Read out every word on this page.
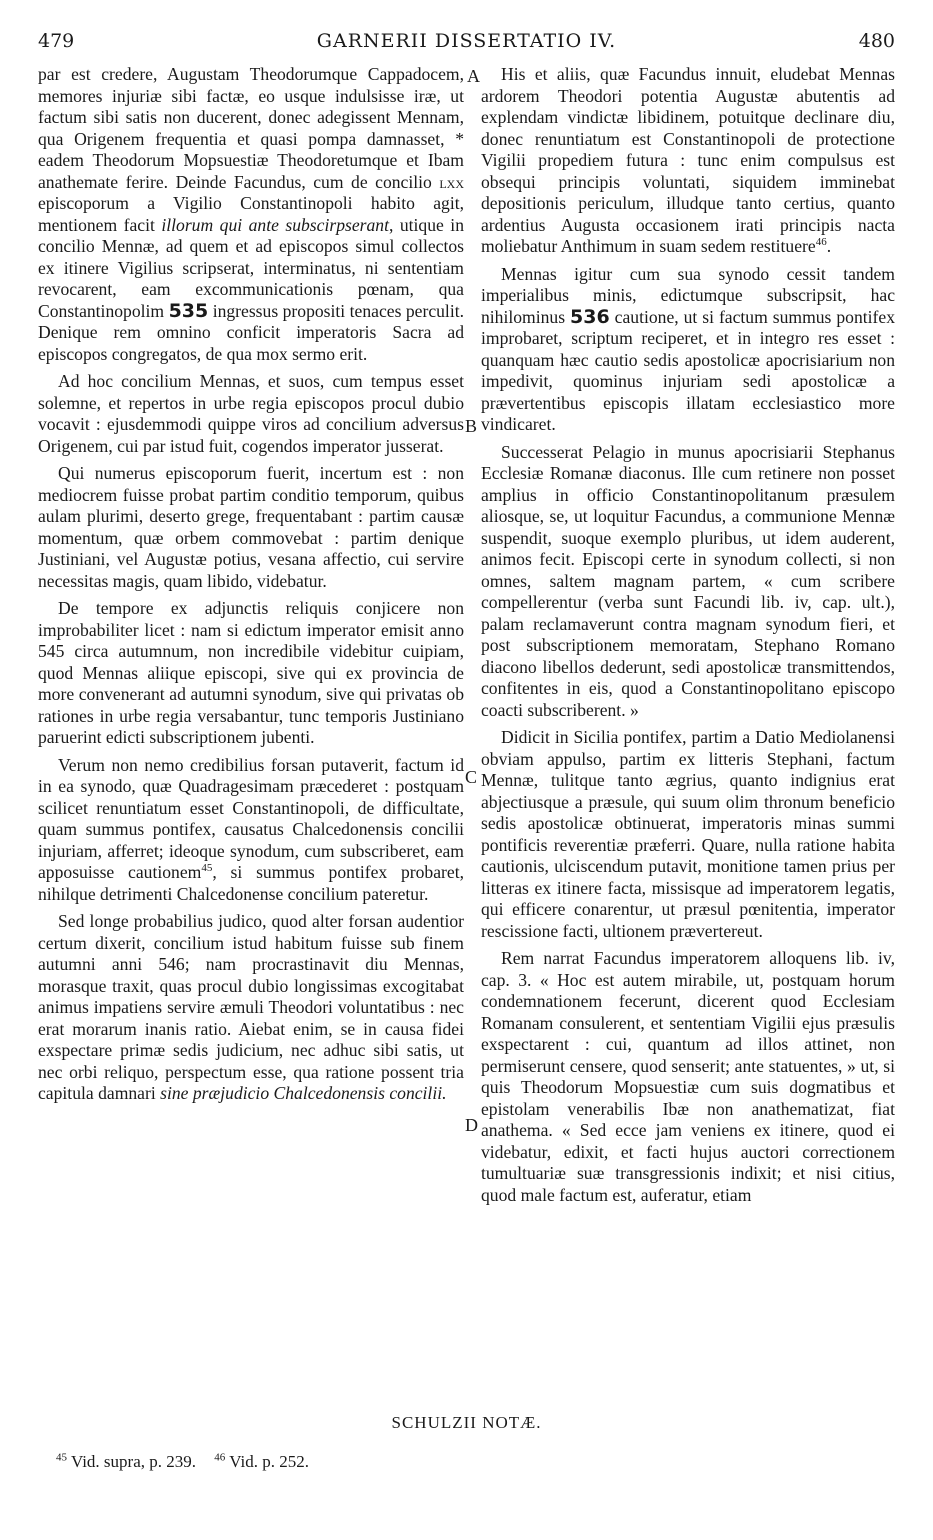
479	GARNERII DISSERTATIO IV.	480
A
B
C
D

par est credere, Augustam Theodorumque Cappadocem, memores injuriæ sibi factæ, eo usque indulsisse iræ, ut factum sibi satis non ducerent, donec adegissent Mennam, qua Origenem frequentia et quasi pompa damnasset, * eadem Theodorum Mopsuestiæ Theodoretumque et Ibam anathemate ferire. Deinde Facundus, cum de concilio lxx episcoporum a Vigilio Constantinopoli habito agit, mentionem facit illorum qui ante subscirpserant, utique in concilio Mennæ, ad quem et ad episcopos simul collectos ex itinere Vigilius scripserat, interminatus, ni sententiam revocarent, eam excommunicationis pœnam, qua Constantinopolim 535 ingressus propositi tenaces perculit. Denique rem omnino conficit imperatoris Sacra ad episcopos congregatos, de qua mox sermo erit.

Ad hoc concilium Mennas, et suos, cum tempus esset solemne, et repertos in urbe regia episcopos procul dubio vocavit : ejusdemmodi quippe viros ad concilium adversus Origenem, cui par istud fuit, cogendos imperator jusserat.

Qui numerus episcoporum fuerit, incertum est : non mediocrem fuisse probat partim conditio temporum, quibus aulam plurimi, deserto grege, frequentabant : partim causæ momentum, quæ orbem commovebat : partim denique Justiniani, vel Augustæ potius, vesana affectio, cui servire necessitas magis, quam libido, videbatur.

De tempore ex adjunctis reliquis conjicere non improbabiliter licet : nam si edictum imperator emisit anno 545 circa autumnum, non incredibile videbitur cuipiam, quod Mennas aliique episcopi, sive qui ex provincia de more convenerant ad autumni synodum, sive qui privatas ob rationes in urbe regia versabantur, tunc temporis Justiniano paruerint edicti subscriptionem jubenti.

Verum non nemo credibilius forsan putaverit, factum id in ea synodo, quæ Quadragesimam præcederet : postquam scilicet renuntiatum esset Constantinopoli, de difficultate, quam summus pontifex, causatus Chalcedonensis concilii injuriam, afferret; ideoque synodum, cum subscriberet, eam apposuisse cautionem$^{45}$, si summus pontifex probaret, nihilque detrimenti Chalcedonense concilium pateretur.

Sed longe probabilius judico, quod alter forsan audentior certum dixerit, concilium istud habitum fuisse sub finem autumni anni 546; nam procrastinavit diu Mennas, morasque traxit, quas procul dubio longissimas excogitabat animus impatiens servire æmuli Theodori voluntatibus : nec erat morarum inanis ratio. Aiebat enim, se in causa fidei exspectare primæ sedis judicium, nec adhuc sibi satis, ut nec orbi reliquo, perspectum esse, qua ratione possent tria capitula damnari sine præjudicio Chalcedonensis concilii.

His et aliis, quæ Facundus innuit, eludebat Mennas ardorem Theodori potentia Augustæ abutentis ad explendam vindictæ libidinem, potuitque declinare diu, donec renuntiatum est Constantinopoli de protectione Vigilii propediem futura : tunc enim compulsus est obsequi principis voluntati, siquidem imminebat depositionis periculum, illudque tanto certius, quanto ardentius Augusta occasionem irati principis nacta moliebatur Anthimum in suam sedem restituere$^{46}$.

Mennas igitur cum sua synodo cessit tandem imperialibus minis, edictumque subscripsit, hac nihilominus 536 cautione, ut si factum summus pontifex improbaret, scriptum reciperet, et in integro res esset : quanquam hæc cautio sedis apostolicæ apocrisiarium non impedivit, quominus injuriam sedi apostolicæ a prævertentibus episcopis illatam ecclesiastico more vindicaret.

Successerat Pelagio in munus apocrisiarii Stephanus Ecclesiæ Romanæ diaconus. Ille cum retinere non posset amplius in officio Constantinopolitanum præsulem aliosque, se, ut loquitur Facundus, a communione Mennæ suspendit, suoque exemplo pluribus, ut idem auderent, animos fecit. Episcopi certe in synodum collecti, si non omnes, saltem magnam partem, « cum scribere compellerentur (verba sunt Facundi lib. iv, cap. ult.), palam reclamaverunt contra magnam synodum fieri, et post subscriptionem memoratam, Stephano Romano diacono libellos dederunt, sedi apostolicæ transmittendos, confitentes in eis, quod a Constantinopolitano episcopo coacti subscriberent. »

Didicit in Sicilia pontifex, partim a Datio Mediolanensi obviam appulso, partim ex litteris Stephani, factum Mennæ, tulitque tanto ægrius, quanto indignius erat abjectiusque a præsule, qui suum olim thronum beneficio sedis apostolicæ obtinuerat, imperatoris minas summi pontificis reverentiæ præferri. Quare, nulla ratione habita cautionis, ulciscendum putavit, monitione tamen prius per litteras ex itinere facta, missisque ad imperatorem legatis, qui efficere conarentur, ut præsul pœnitentia, imperator rescissione facti, ultionem prævertereut.

Rem narrat Facundus imperatorem alloquens lib. iv, cap. 3. « Hoc est autem mirabile, ut, postquam horum condemnationem fecerunt, dicerent quod Ecclesiam Romanam consulerent, et sententiam Vigilii ejus præsulis exspectarent : cui, quantum ad illos attinet, non permiserunt censere, quod senserit; ante statuentes, » ut, si quis Theodorum Mopsuestiæ cum suis dogmatibus et epistolam venerabilis Ibæ non anathematizat, fiat anathema. « Sed ecce jam veniens ex itinere, quod ei videbatur, edixit, et facti hujus auctori correctionem tumultuariæ suæ transgressionis indixit; et nisi citius, quod male factum est, auferatur, etiam

SCHULZII NOTÆ.
$^{45}$ Vid. supra, p. 239. $^{46}$ Vid. p. 252.
